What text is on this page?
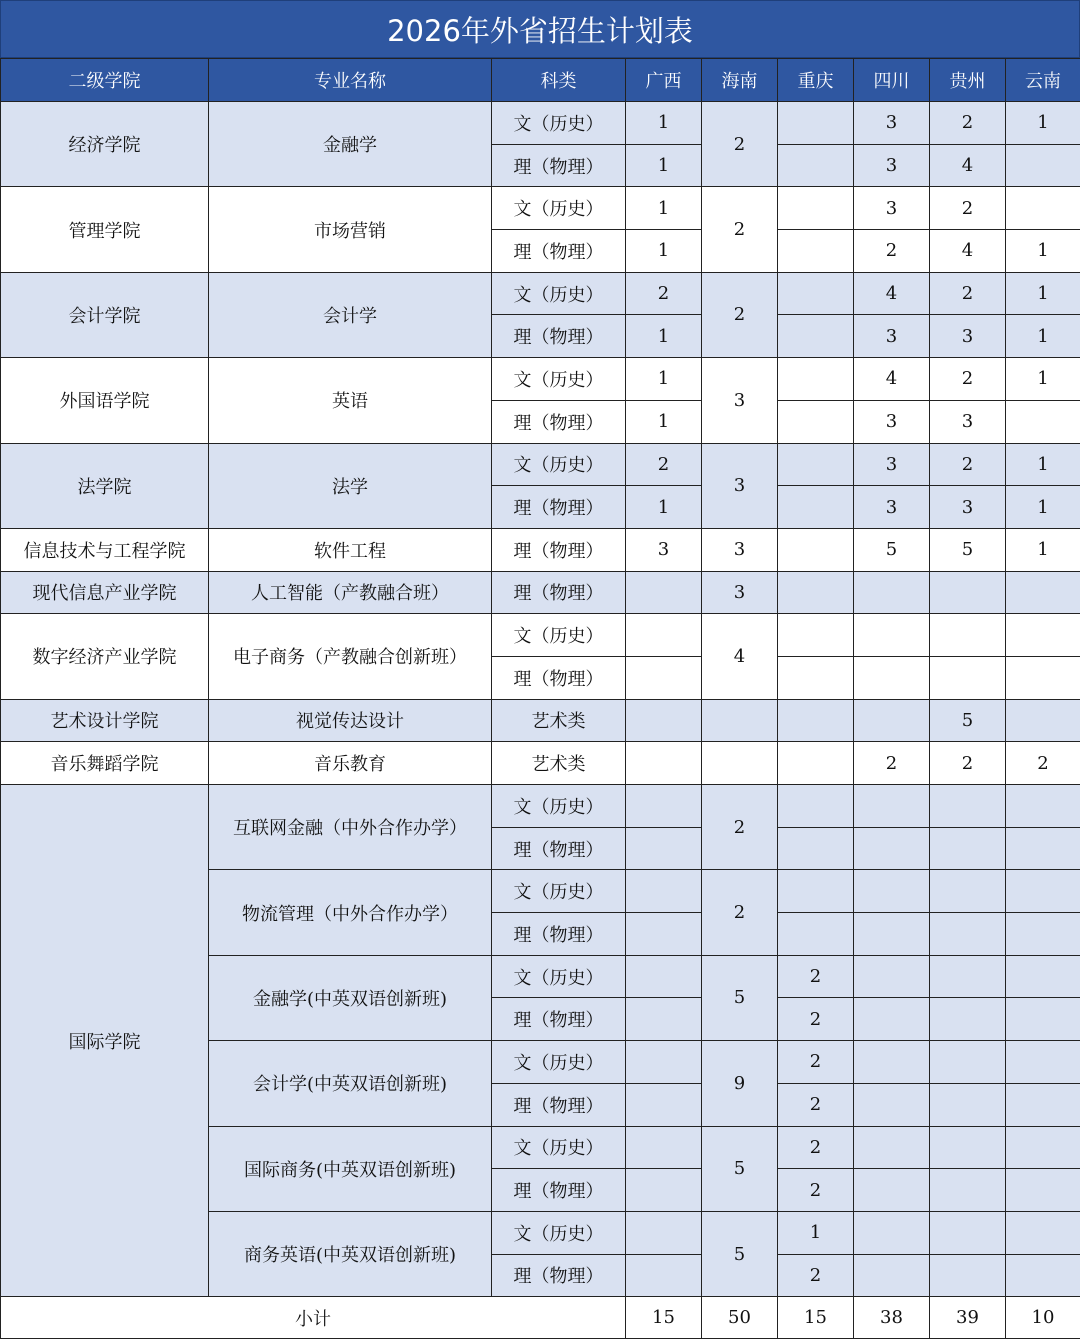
2026年外省招生计划表
二级学院	专业名称	科类	广西	海南	重庆	四川	贵州	云南
经济学院	金融学	文（历史）	1	2		3	2	1
		理（物理）	1			3	4	
管理学院	市场营销	文（历史）	1	2		3	2	
		理（物理）	1			2	4	1
会计学院	会计学	文（历史）	2	2		4	2	1
		理（物理）	1			3	3	1
外国语学院	英语	文（历史）	1	3		4	2	1
		理（物理）	1			3	3	
法学院	法学	文（历史）	2	3		3	2	1
		理（物理）	1			3	3	1
信息技术与工程学院	软件工程	理（物理）	3	3		5	5	1
现代信息产业学院	人工智能（产教融合班）	理（物理）		3				
数字经济产业学院	电子商务（产教融合创新班）	文（历史）		4				
		理（物理）						
艺术设计学院	视觉传达设计	艺术类					5	
音乐舞蹈学院	音乐教育	艺术类				2	2	2
国际学院	互联网金融（中外合作办学）	文（历史）		2				
		理（物理）						
	物流管理（中外合作办学）	文（历史）		2				
		理（物理）						
	金融学(中英双语创新班)	文（历史）		5	2			
		理（物理）			2			
	会计学(中英双语创新班)	文（历史）		9	2			
		理（物理）			2			
	国际商务(中英双语创新班)	文（历史）		5	2			
		理（物理）			2			
	商务英语(中英双语创新班)	文（历史）		5	1			
		理（物理）			2			
小计			15	50	15	38	39	10
